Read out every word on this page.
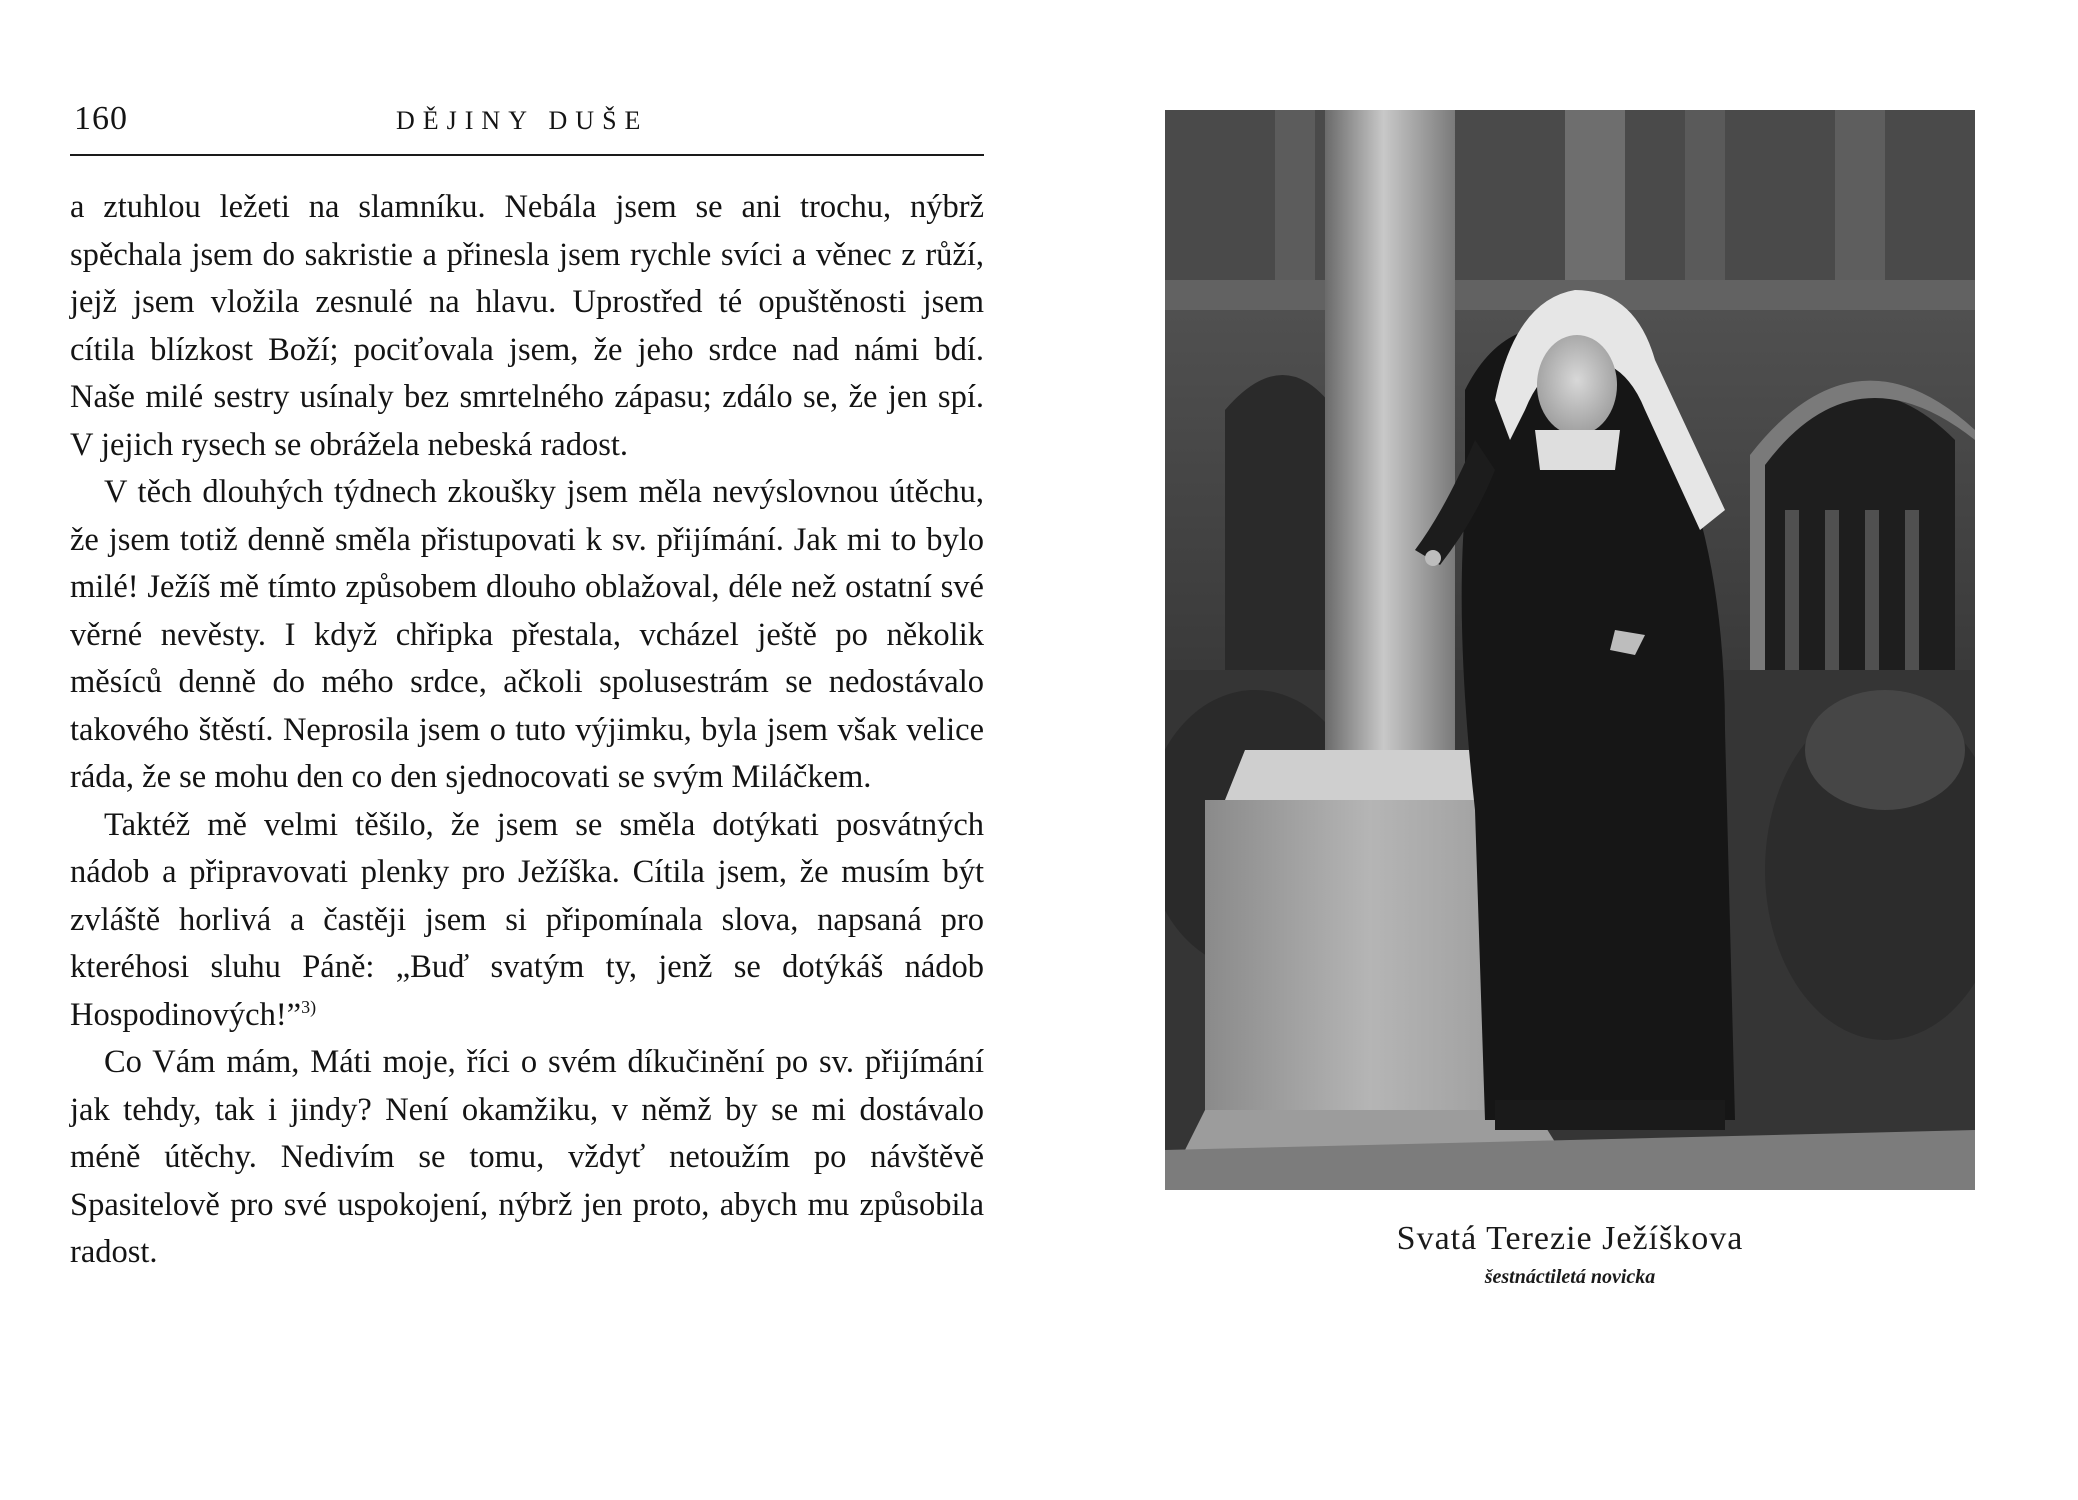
160	DĚJINY DUŠE

a ztuhlou ležeti na slamníku. Nebála jsem se ani trochu, nýbrž spěchala jsem do sakristie a přinesla jsem rychle svíci a věnec z růží, jejž jsem vložila zesnulé na hlavu. Uprostřed té opuštěnosti jsem cítila blízkost Boží; pociťovala jsem, že jeho srdce nad námi bdí. Naše milé sestry usínaly bez smrtelného zápasu; zdálo se, že jen spí. V jejich rysech se obrážela nebeská radost.

V těch dlouhých týdnech zkoušky jsem měla nevýslovnou útěchu, že jsem totiž denně směla přistupovati k sv. přijímání. Jak mi to bylo milé! Ježíš mě tímto způsobem dlouho oblažoval, déle než ostatní své věrné nevěsty. I když chřipka přestala, vcházel ještě po několik měsíců denně do mého srdce, ačkoli spolusestrám se nedostávalo takového štěstí. Neprosila jsem o tuto výjimku, byla jsem však velice ráda, že se mohu den co den sjednocovati se svým Miláčkem.

Taktéž mě velmi těšilo, že jsem se směla dotýkati posvátných nádob a připravovati plenky pro Ježíška. Cítila jsem, že musím být zvláště horlivá a častěji jsem si připomínala slova, napsaná pro kteréhosi sluhu Páně: „Buď svatým ty, jenž se dotýkáš nádob Hospodinových!”$^{3)}$

Co Vám mám, Máti moje, říci o svém díkučinění po sv. přijímání jak tehdy, tak i jindy? Není okamžiku, v němž by se mi dostávalo méně útěchy. Nedivím se tomu, vždyť netoužím po návštěvě Spasitelově pro své uspokojení, nýbrž jen proto, abych mu způsobila radost.	Svatá Terezie Ježíškova
šestnáctiletá novicka
